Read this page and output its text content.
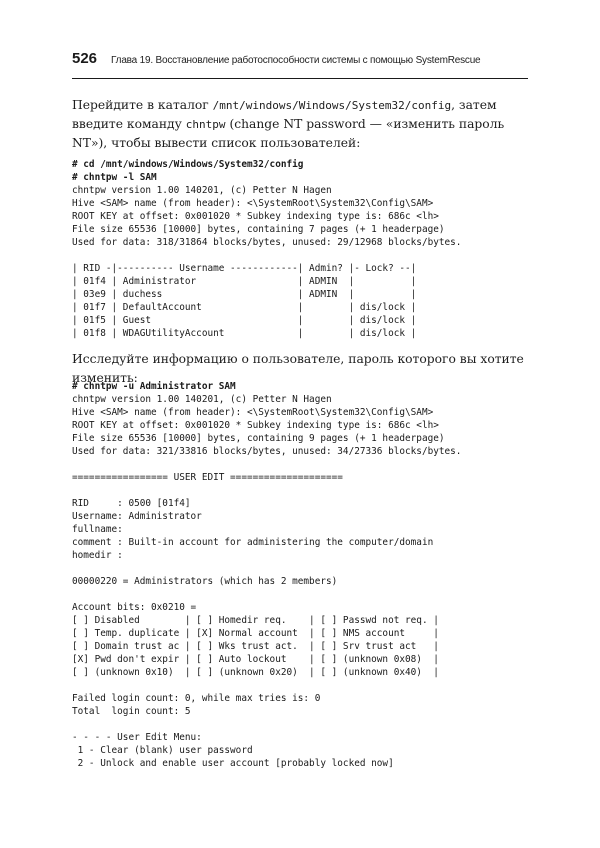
526 Глава 19. Восстановление работоспособности системы с помощью SystemRescue
Перейдите в каталог /mnt/windows/Windows/System32/config, затем введите команду chntpw (change NT password — «изменить пароль NT»), чтобы вывести список пользователей:
# cd /mnt/windows/Windows/System32/config
# chntpw -l SAM
chntpw version 1.00 140201, (c) Petter N Hagen
Hive <SAM> name (from header): <\SystemRoot\System32\Config\SAM>
ROOT KEY at offset: 0x001020 * Subkey indexing type is: 686c <lh>
File size 65536 [10000] bytes, containing 7 pages (+ 1 headerpage)
Used for data: 318/31864 blocks/bytes, unused: 29/12968 blocks/bytes.
| RID -|---------- Username ------------| Admin? |- Lock? --|
| 01f4 | Administrator                  | ADMIN  |          |
| 03e9 | duchess                        | ADMIN  |          |
| 01f7 | DefaultAccount                 |        | dis/lock |
| 01f5 | Guest                          |        | dis/lock |
| 01f8 | WDAGUtilityAccount             |        | dis/lock |
Исследуйте информацию о пользователе, пароль которого вы хотите изменить:
# chntpw -u Administrator SAM
chntpw version 1.00 140201, (c) Petter N Hagen
Hive <SAM> name (from header): <\SystemRoot\System32\Config\SAM>
ROOT KEY at offset: 0x001020 * Subkey indexing type is: 686c <lh>
File size 65536 [10000] bytes, containing 9 pages (+ 1 headerpage)
Used for data: 321/33816 blocks/bytes, unused: 34/27336 blocks/bytes.
================= USER EDIT ====================
RID     : 0500 [01f4]
Username: Administrator
fullname:
comment : Built-in account for administering the computer/domain
homedir :
00000220 = Administrators (which has 2 members)
Account bits: 0x0210 =
[ ] Disabled        | [ ] Homedir req.    | [ ] Passwd not req. |
[ ] Temp. duplicate | [X] Normal account  | [ ] NMS account     |
[ ] Domain trust ac | [ ] Wks trust act.  | [ ] Srv trust act   |
[X] Pwd don't expir | [ ] Auto lockout    | [ ] (unknown 0x08)  |
[ ] (unknown 0x10)  | [ ] (unknown 0x20)  | [ ] (unknown 0x40)  |
Failed login count: 0, while max tries is: 0
Total  login count: 5
- - - - User Edit Menu:
1 - Clear (blank) user password
2 - Unlock and enable user account [probably locked now]
